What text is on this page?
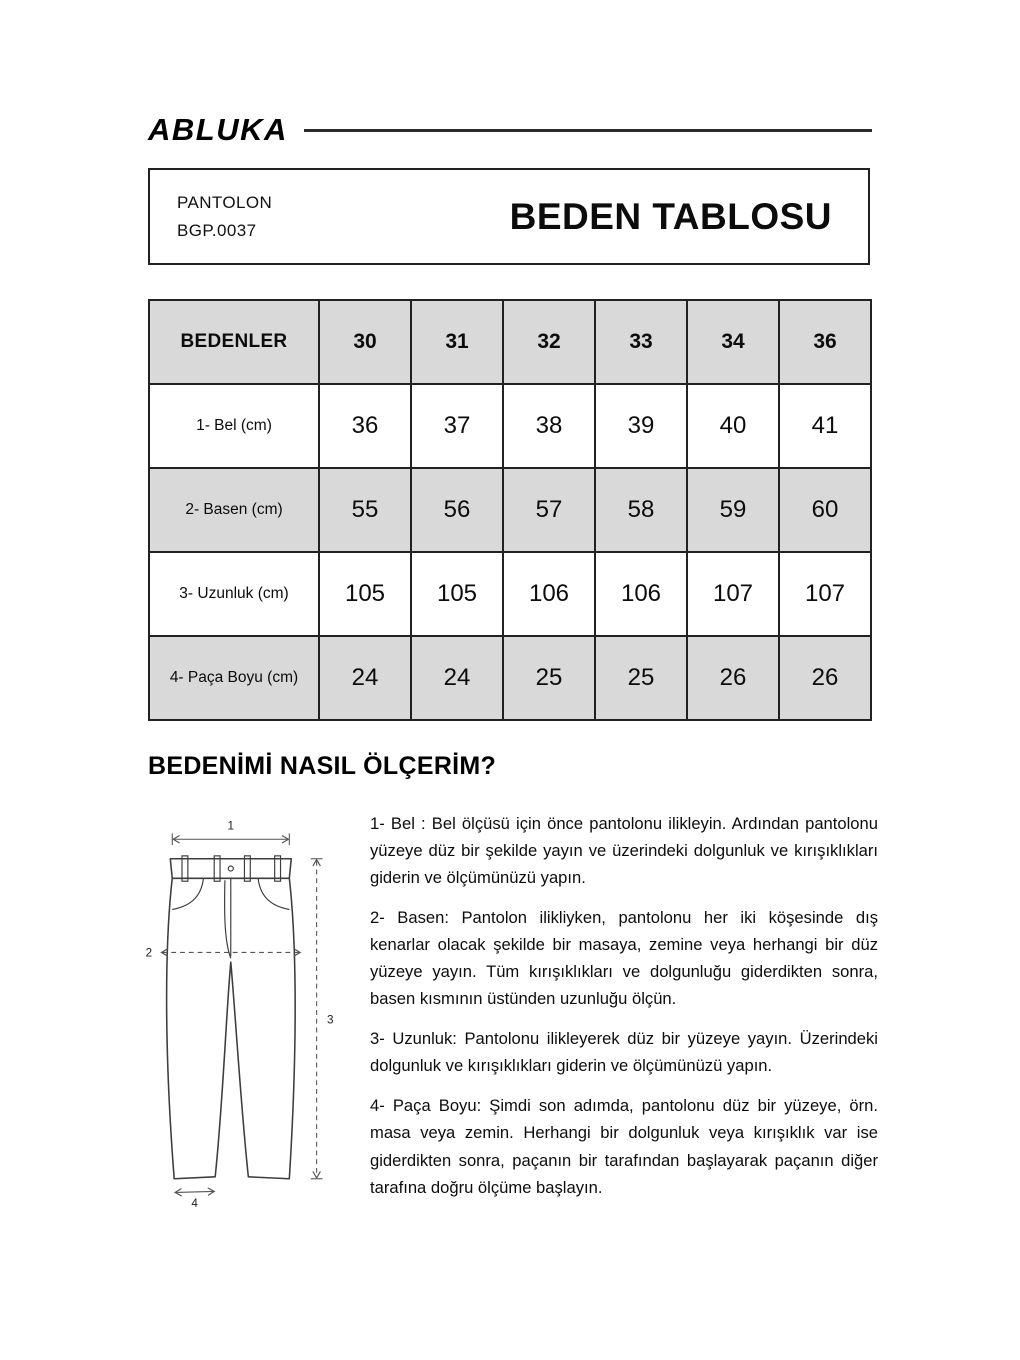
ABLUKA
PANTOLON
BGP.0037	BEDEN TABLOSU
BEDENLER	30	31	32	33	34	36
1- Bel (cm)	36	37	38	39	40	41
2- Basen (cm)	55	56	57	58	59	60
3- Uzunluk (cm)	105	105	106	106	107	107
4- Paça Boyu (cm)	24	24	25	25	26	26
BEDENİMİ NASIL ÖLÇERİM?
1
2
3
4

1- Bel : Bel ölçüsü için önce pantolonu ilikleyin. Ardından pantolonu yüzeye düz bir şekilde yayın ve üzerindeki dolgunluk ve kırışıklıkları giderin ve ölçümünüzü yapın.

2- Basen: Pantolon ilikliyken, pantolonu her iki köşesinde dış kenarlar olacak şekilde bir masaya, zemine veya herhangi bir düz yüzeye yayın. Tüm kırışıklıkları ve dolgunluğu giderdikten sonra, basen kısmının üstünden uzunluğu ölçün.

3- Uzunluk: Pantolonu ilikleyerek düz bir yüzeye yayın. Üzerindeki dolgunluk ve kırışıklıkları giderin ve ölçümünüzü yapın.

4- Paça Boyu: Şimdi son adımda, pantolonu düz bir yüzeye, örn. masa veya zemin. Herhangi bir dolgunluk veya kırışıklık var ise giderdikten sonra, paçanın bir tarafından başlayarak paçanın diğer tarafına doğru ölçüme başlayın.
